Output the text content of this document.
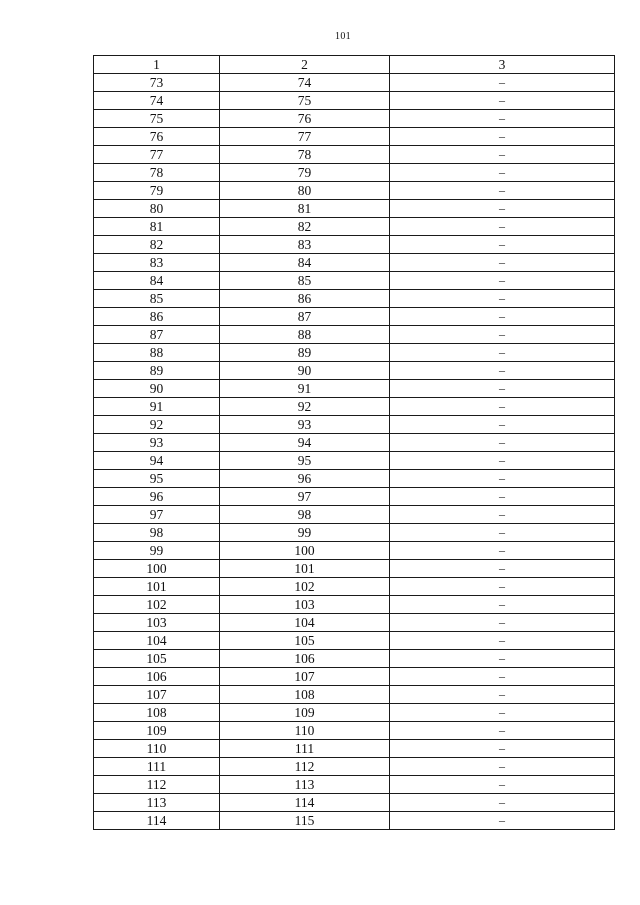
101
1	2	3
73	74	–
74	75	–
75	76	–
76	77	–
77	78	–
78	79	–
79	80	–
80	81	–
81	82	–
82	83	–
83	84	–
84	85	–
85	86	–
86	87	–
87	88	–
88	89	–
89	90	–
90	91	–
91	92	–
92	93	–
93	94	–
94	95	–
95	96	–
96	97	–
97	98	–
98	99	–
99	100	–
100	101	–
101	102	–
102	103	–
103	104	–
104	105	–
105	106	–
106	107	–
107	108	–
108	109	–
109	110	–
110	111	–
111	112	–
112	113	–
113	114	–
114	115	–
